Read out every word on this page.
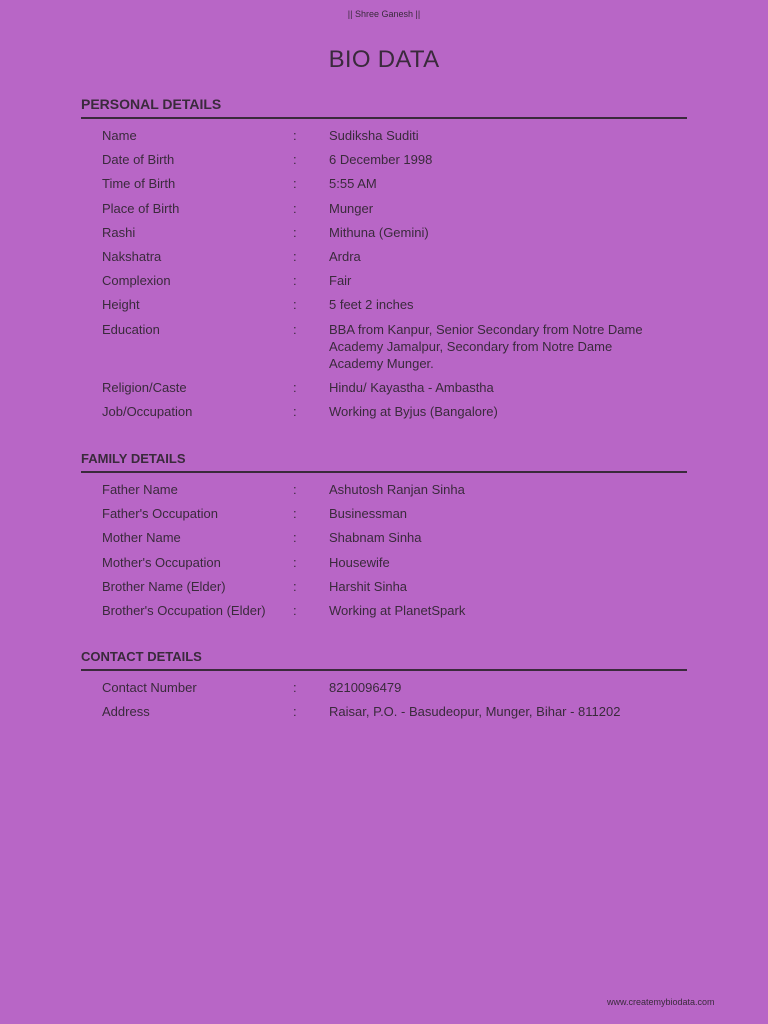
|| Shree Ganesh ||
BIO DATA
PERSONAL DETAILS
Name	:	Sudiksha Suditi
Date of Birth	:	6 December 1998
Time of Birth	:	5:55 AM
Place of Birth	:	Munger
Rashi	:	Mithuna (Gemini)
Nakshatra	:	Ardra
Complexion	:	Fair
Height	:	5 feet 2 inches
Education	:	BBA from Kanpur, Senior Secondary from Notre Dame Academy Jamalpur, Secondary from Notre Dame Academy Munger.
Religion/Caste	:	Hindu/ Kayastha - Ambastha
Job/Occupation	:	Working at Byjus (Bangalore)
FAMILY DETAILS
Father Name	:	Ashutosh Ranjan Sinha
Father's Occupation	:	Businessman
Mother Name	:	Shabnam Sinha
Mother's Occupation	:	Housewife
Brother Name (Elder)	:	Harshit Sinha
Brother's Occupation (Elder)	:	Working at PlanetSpark
CONTACT DETAILS
Contact Number	:	8210096479
Address	:	Raisar, P.O. - Basudeopur, Munger, Bihar - 811202
www.createmybiodata.com
